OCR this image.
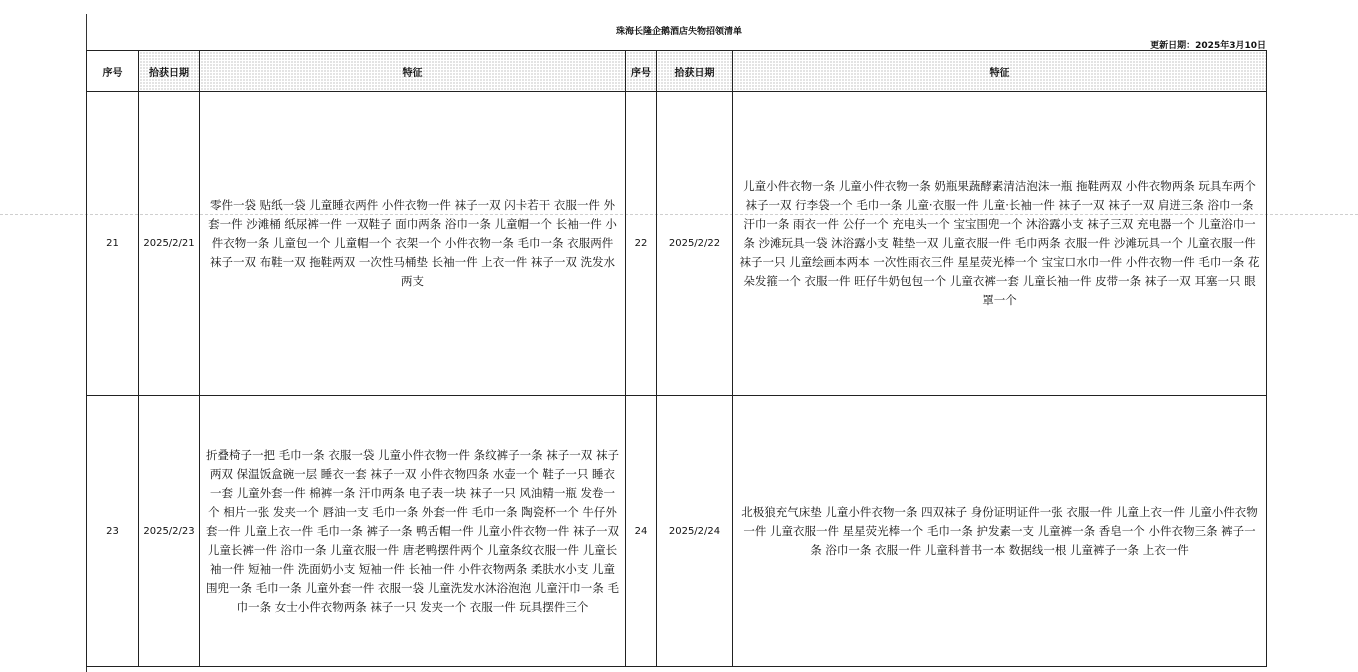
珠海长隆企鹅酒店失物招领清单
更新日期：2025年3月10日
序号	拾获日期	特征	序号	拾获日期	特征
21	2025/2/21	零件一袋 贴纸一袋 儿童睡衣两件 小件衣物一件 袜子一双 闪卡若干 衣服一件 外套一件 沙滩桶 纸尿裤一件 一双鞋子 面巾两条 浴巾一条 儿童帽一个 长袖一件 小件衣物一条 儿童包一个 儿童帽一个 衣架一个 小件衣物一条 毛巾一条 衣服两件 袜子一双 布鞋一双 拖鞋两双 一次性马桶垫 长袖一件 上衣一件 袜子一双 洗发水两支	22	2025/2/22	儿童小件衣物一条 儿童小件衣物一条 奶瓶果蔬酵素清洁泡沫一瓶 拖鞋两双 小件衣物两条 玩具车两个 袜子一双 行李袋一个 毛巾一条 儿童·衣服一件 儿童·长袖一件 袜子一双 袜子一双 肩迸三条 浴巾一条 汗巾一条 雨衣一件 公仔一个 充电头一个 宝宝围兜一个 沐浴露小支 袜子三双 充电器一个 儿童浴巾一条 沙滩玩具一袋 沐浴露小支 鞋垫一双 儿童衣服一件 毛巾两条 衣服一件 沙滩玩具一个 儿童衣服一件 袜子一只 儿童绘画本两本 一次性雨衣三件 星星荧光棒一个 宝宝口水巾一件 小件衣物一件 毛巾一条 花朵发箍一个 衣服一件 旺仔牛奶包包一个 儿童衣裤一套 儿童长袖一件 皮带一条 袜子一双 耳塞一只 眼罩一个
23	2025/2/23	折叠椅子一把 毛巾一条 衣服一袋 儿童小件衣物一件 条纹裤子一条 袜子一双 袜子两双 保温饭盒碗一层 睡衣一套 袜子一双 小件衣物四条 水壶一个 鞋子一只 睡衣一套 儿童外套一件 棉裤一条 汗巾两条 电子表一块 袜子一只 风油精一瓶 发卷一个 相片一张 发夹一个 唇油一支 毛巾一条 外套一件 毛巾一条 陶瓷杯一个 牛仔外套一件 儿童上衣一件 毛巾一条 裤子一条 鸭舌帽一件 儿童小件衣物一件 袜子一双 儿童长裤一件 浴巾一条 儿童衣服一件 唐老鸭摆件两个 儿童条纹衣服一件 儿童长袖一件 短袖一件 洗面奶小支 短袖一件 长袖一件 小件衣物两条 柔肤水小支 儿童围兜一条 毛巾一条 儿童外套一件 衣服一袋 儿童洗发水沐浴泡泡 儿童汗巾一条 毛巾一条 女士小件衣物两条 袜子一只 发夹一个 衣服一件 玩具摆件三个	24	2025/2/24	北极狼充气床垫 儿童小件衣物一条 四双袜子 身份证明证件一张 衣服一件 儿童上衣一件 儿童小件衣物一件 儿童衣服一件 星星荧光棒一个 毛巾一条 护发素一支 儿童裤一条 香皂一个 小件衣物三条 裤子一条 浴巾一条 衣服一件 儿童科普书一本 数据线一根 儿童裤子一条 上衣一件
